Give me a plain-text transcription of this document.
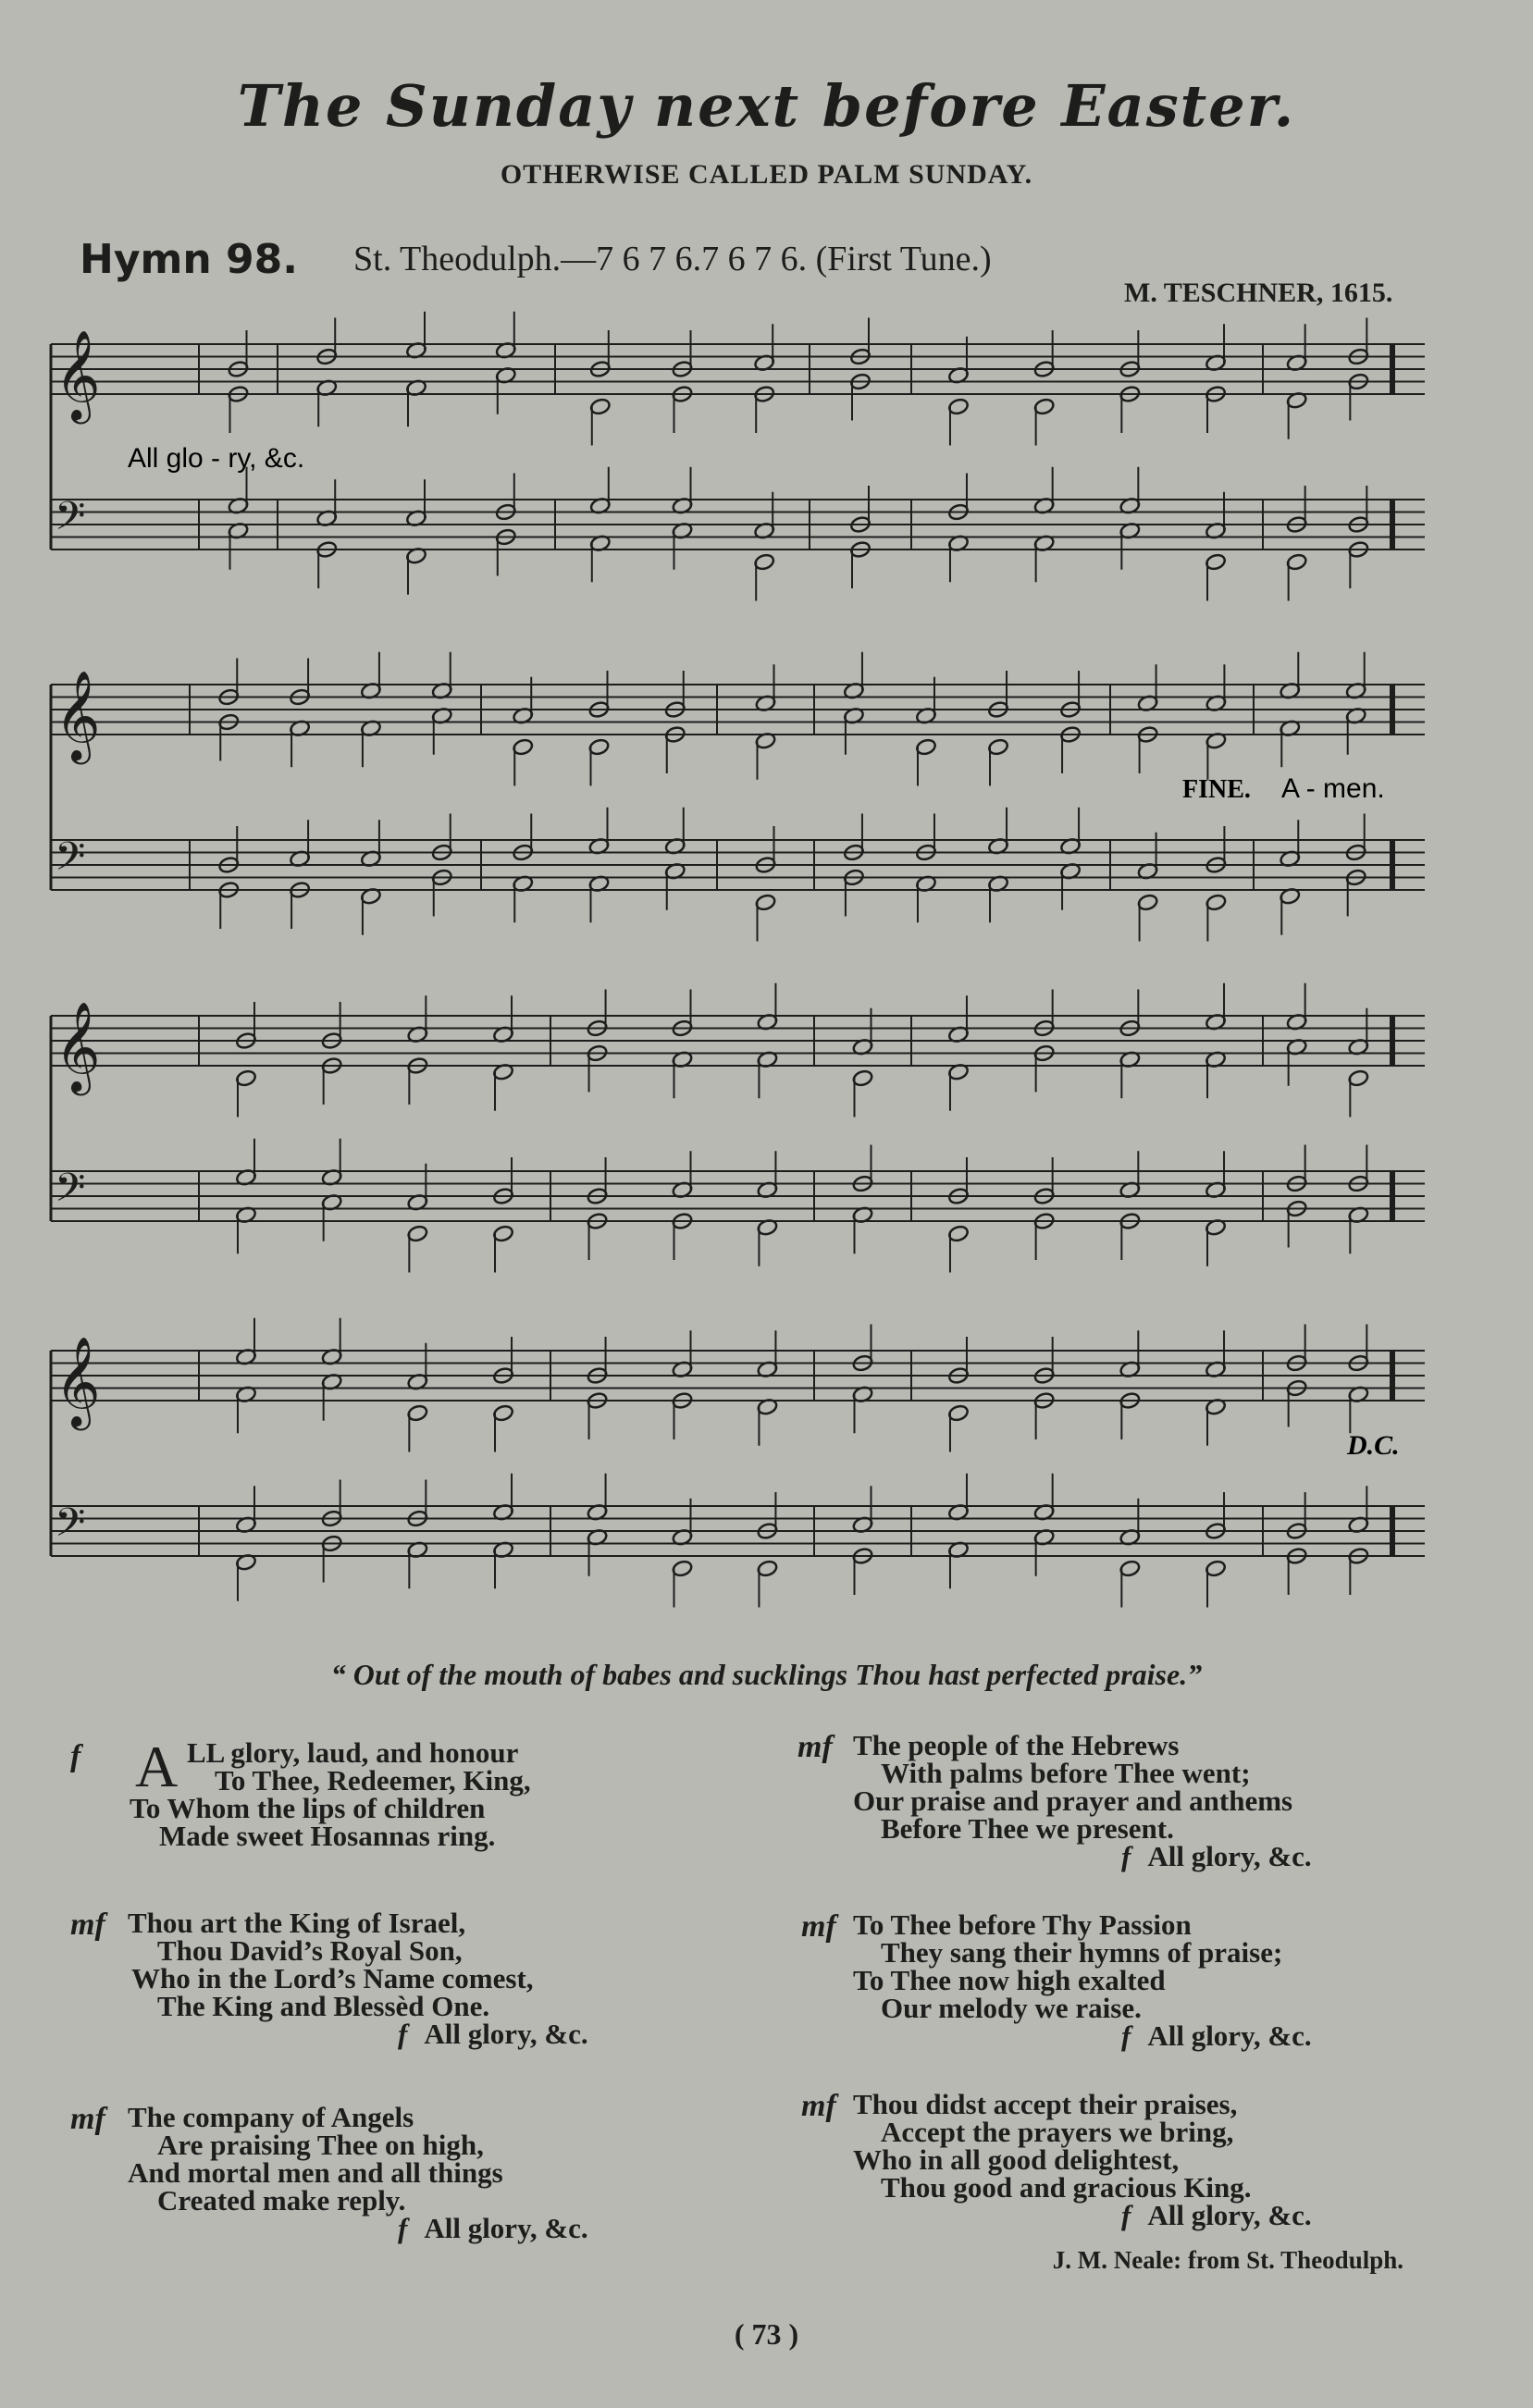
The Sunday next before Easter.
OTHERWISE CALLED PALM SUNDAY.
Hymn 98. St. Theodulph.—7 6 7 6.7 6 7 6. (First Tune.)
M. TESCHNER, 1615.
𝄞
𝄢
𝄞
𝄢
𝄞
𝄢
𝄞
𝄢
All glo - ry, &c.
FINE. A - men.
D.C.
“ Out of the mouth of babes and sucklings Thou hast perfected praise.”
f A LL glory, laud, and honour
To Thee, Redeemer, King,
To Whom the lips of children
Made sweet Hosannas ring.
mf Thou art the King of Israel,
Thou David’s Royal Son,
Who in the Lord’s Name comest,
The King and Blessèd One.
f All glory, &c.
mf The company of Angels
Are praising Thee on high,
And mortal men and all things
Created make reply.
f All glory, &c.
mf The people of the Hebrews
With palms before Thee went;
Our praise and prayer and anthems
Before Thee we present.
f All glory, &c.
mf To Thee before Thy Passion
They sang their hymns of praise;
To Thee now high exalted
Our melody we raise.
f All glory, &c.
mf Thou didst accept their praises,
Accept the prayers we bring,
Who in all good delightest,
Thou good and gracious King.
f All glory, &c.
J. M. Neale: from St. Theodulph.
( 73 )
